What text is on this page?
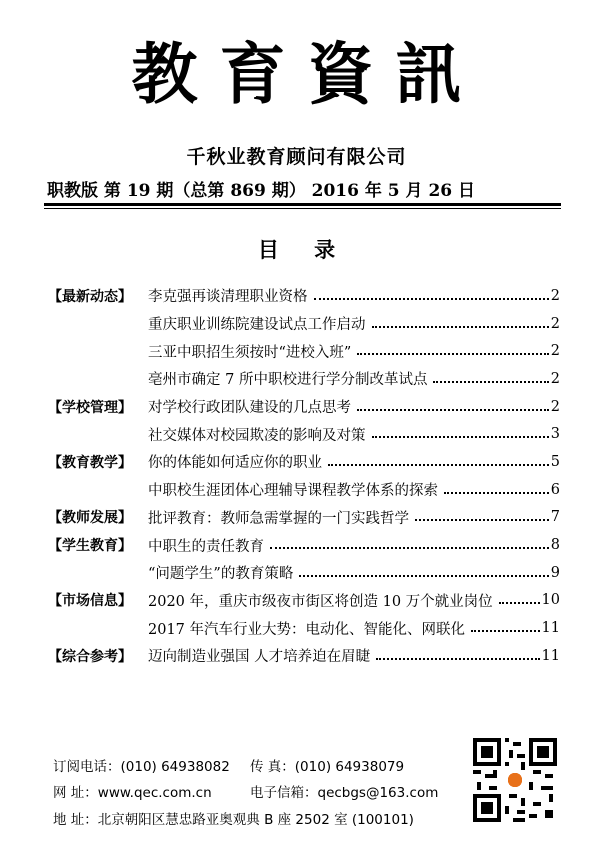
教育資訊
千秋业教育顾问有限公司
职教版 第 19 期（总第 869 期） 2016 年 5 月 26 日
目 录
【最新动态】	李克强再谈清理职业资格	2
重庆职业训练院建设试点工作启动	2
三亚中职招生须按时“进校入班”	2
亳州市确定 7 所中职校进行学分制改革试点	2
【学校管理】	对学校行政团队建设的几点思考	2
社交媒体对校园欺凌的影响及对策	3
【教育教学】	你的体能如何适应你的职业	5
中职校生涯团体心理辅导课程教学体系的探索	6
【教师发展】	批评教育：教师急需掌握的一门实践哲学	7
【学生教育】	中职生的责任教育	8
“问题学生”的教育策略	9
【市场信息】	2020 年，重庆市级夜市街区将创造 10 万个就业岗位	10
2017 年汽车行业大势：电动化、智能化、网联化	11
【综合参考】	迈向制造业强国 人才培养迫在眉睫	11
订阅电话：(010) 64938082 传 真：(010) 64938079
网 址：www.qec.com.cn	电子信箱：qecbgs@163.com
地 址：北京朝阳区慧忠路亚奥观典 B 座 2502 室 (100101)
